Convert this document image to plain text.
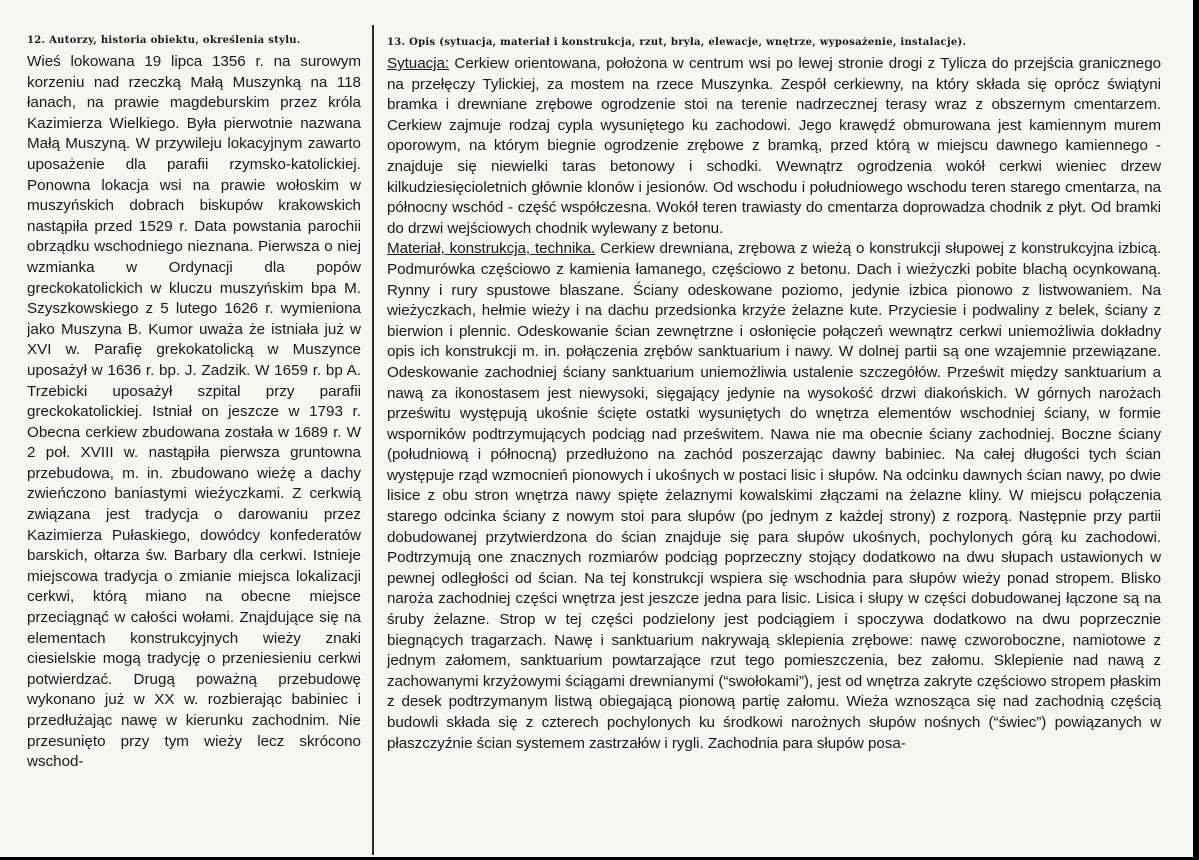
12. Autorzy, historia obiektu, określenia stylu.

Wieś lokowana 19 lipca 1356 r. na surowym korzeniu nad rzeczką Małą Muszynką na 118 łanach, na prawie magdeburskim przez króla Kazimierza Wielkiego. Była pierwotnie nazwana Małą Muszyną. W przywileju lokacyjnym zawarto uposażenie dla parafii rzymsko-katolickiej. Ponowna lokacja wsi na prawie wołoskim w muszyńskich dobrach biskupów krakowskich nastąpiła przed 1529 r. Data powstania parochii obrządku wschodniego nieznana. Pierwsza o niej wzmianka w Ordynacji dla popów greckokatolickich w kluczu muszyńskim bpa M. Szyszkowskiego z 5 lutego 1626 r. wymieniona jako Muszyna B. Kumor uważa że istniała już w XVI w. Parafię grekokatolicką w Muszynce uposażył w 1636 r. bp. J. Zadzik. W 1659 r. bp A. Trzebicki uposażył szpital przy parafii greckokatolickiej. Istniał on jeszcze w 1793 r. Obecna cerkiew zbudowana została w 1689 r. W 2 poł. XVIII w. nastąpiła pierwsza gruntowna przebudowa, m. in. zbudowano wieżę a dachy zwieńczono baniastymi wieżyczkami. Z cerkwią związana jest tradycja o darowaniu przez Kazimierza Pułaskiego, dowódcy konfederatów barskich, ołtarza św. Barbary dla cerkwi. Istnieje miejscowa tradycja o zmianie miejsca lokalizacji cerkwi, którą miano na obecne miejsce przeciągnąć w całości wołami. Znajdujące się na elementach konstrukcyjnych wieży znaki ciesielskie mogą tradycję o przeniesieniu cerkwi potwierdzać. Drugą poważną przebudowę wykonano już w XX w. rozbierając babiniec i przedłużając nawę w kierunku zachodnim. Nie przesunięto przy tym wieży lecz skrócono wschod-

13. Opis (sytuacja, materiał i konstrukcja, rzut, bryła, elewacje, wnętrze, wyposażenie, instalacje).

Sytuacja: Cerkiew orientowana, położona w centrum wsi po lewej stronie drogi z Tylicza do przejścia granicznego na przełęczy Tylickiej, za mostem na rzece Muszynka. Zespół cerkiewny, na który składa się oprócz świątyni bramka i drewniane zrębowe ogrodzenie stoi na terenie nadrzecznej terasy wraz z obszernym cmentarzem. Cerkiew zajmuje rodzaj cypla wysuniętego ku zachodowi. Jego krawędź obmurowana jest kamiennym murem oporowym, na którym biegnie ogrodzenie zrębowe z bramką, przed którą w miejscu dawnego kamiennego - znajduje się niewielki taras betonowy i schodki. Wewnątrz ogrodzenia wokół cerkwi wieniec drzew kilkudziesięcioletnich głównie klonów i jesionów. Od wschodu i południowego wschodu teren starego cmentarza, na północny wschód - część współczesna. Wokół teren trawiasty do cmentarza doprowadza chodnik z płyt. Od bramki do drzwi wejściowych chodnik wylewany z betonu.
Materiał, konstrukcja, technika. Cerkiew drewniana, zrębowa z wieżą o konstrukcji słupowej z konstrukcyjna izbicą. Podmurówka częściowo z kamienia łamanego, częściowo z betonu. Dach i wieżyczki pobite blachą ocynkowaną. Rynny i rury spustowe blaszane. Ściany odeskowane poziomo, jedynie izbica pionowo z listwowaniem. Na wieżyczkach, hełmie wieży i na dachu przedsionka krzyże żelazne kute. Przyciesie i podwaliny z belek, ściany z bierwion i plennic. Odeskowanie ścian zewnętrzne i osłonięcie połączeń wewnątrz cerkwi uniemożliwia dokładny opis ich konstrukcji m. in. połączenia zrębów sanktuarium i nawy. W dolnej partii są one wzajemnie przewiązane. Odeskowanie zachodniej ściany sanktuarium uniemożliwia ustalenie szczegółów. Prześwit między sanktuarium a nawą za ikonostasem jest niewysoki, sięgający jedynie na wysokość drzwi diakońskich. W górnych narożach prześwitu występują ukośnie ścięte ostatki wysuniętych do wnętrza elementów wschodniej ściany, w formie wsporników podtrzymujących podciąg nad prześwitem. Nawa nie ma obecnie ściany zachodniej. Boczne ściany (południową i północną) przedłużono na zachód poszerzając dawny babiniec. Na całej długości tych ścian występuje rząd wzmocnień pionowych i ukośnych w postaci lisic i słupów. Na odcinku dawnych ścian nawy, po dwie lisice z obu stron wnętrza nawy spięte żelaznymi kowalskimi złączami na żelazne kliny. W miejscu połączenia starego odcinka ściany z nowym stoi para słupów (po jednym z każdej strony) z rozporą. Następnie przy partii dobudowanej przytwierdzona do ścian znajduje się para słupów ukośnych, pochylonych górą ku zachodowi. Podtrzymują one znacznych rozmiarów podciąg poprzeczny stojący dodatkowo na dwu słupach ustawionych w pewnej odległości od ścian. Na tej konstrukcji wspiera się wschodnia para słupów wieży ponad stropem. Blisko naroża zachodniej części wnętrza jest jeszcze jedna para lisic. Lisica i słupy w części dobudowanej łączone są na śruby żelazne. Strop w tej części podzielony jest podciągiem i spoczywa dodatkowo na dwu poprzecznie biegnących tragarzach. Nawę i sanktuarium nakrywają sklepienia zrębowe: nawę czworoboczne, namiotowe z jednym załomem, sanktuarium powtarzające rzut tego pomieszczenia, bez załomu. Sklepienie nad nawą z zachowanymi krzyżowymi ściągami drewnianymi (“swołokami”), jest od wnętrza zakryte częściowo stropem płaskim z desek podtrzymanym listwą obiegającą pionową partię załomu. Wieża wznosząca się nad zachodnią częścią budowli składa się z czterech pochylonych ku środkowi narożnych słupów nośnych (“świec”) powiązanych w płaszczyźnie ścian systemem zastrzałów i rygli. Zachodnia para słupów posa-
